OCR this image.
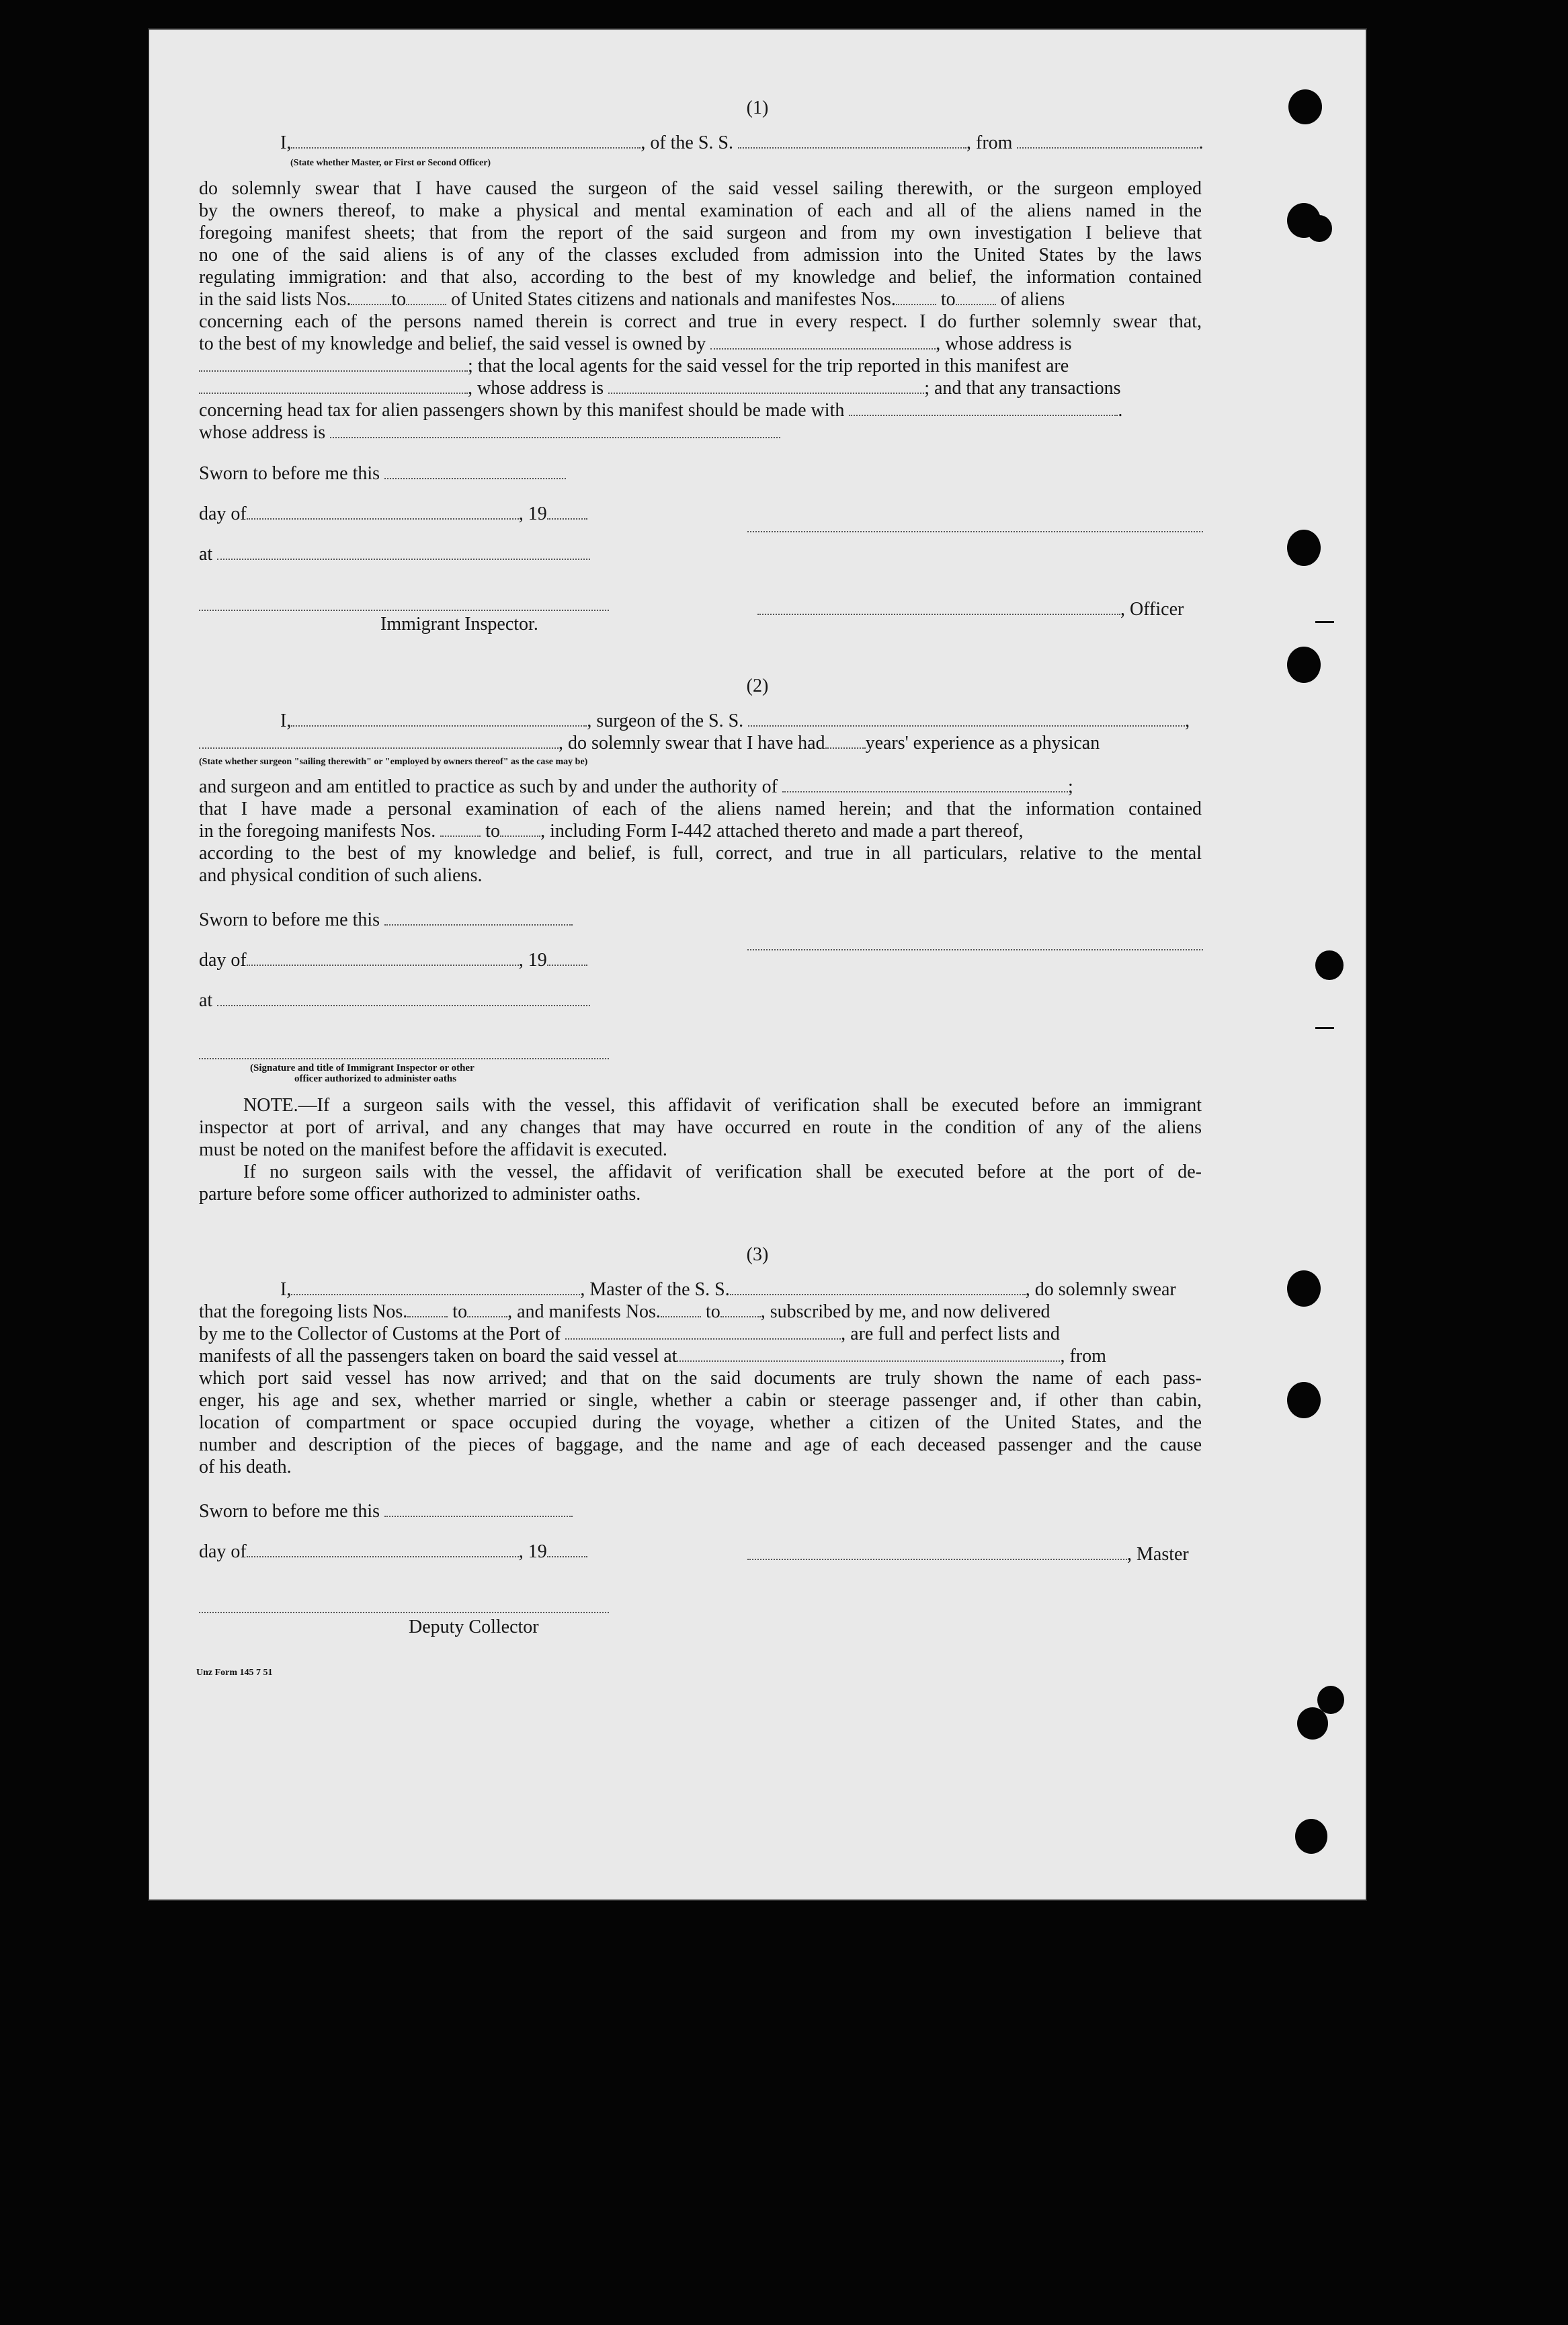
(1)
I,	, of the S. S.	, from	.
(State whether Master, or First or Second Officer)
do solemnly swear that I have caused the surgeon of the said vessel sailing therewith, or the surgeon employed
by the owners thereof, to make a physical and mental examination of each and all of the aliens named in the
foregoing manifest sheets; that from the report of the said surgeon and from my own investigation I believe that
no one of the said aliens is of any of the classes excluded from admission into the United States by the laws
regulating immigration: and that also, according to the best of my knowledge and belief, the information contained
in the said lists Nos. to of United States citizens and nationals and manifestes Nos. to of aliens
concerning each of the persons named therein is correct and true in every respect. I do further solemnly swear that,
to the best of my knowledge and belief, the said vessel is owned by	, whose address is
; that the local agents for the said vessel for the trip reported in this manifest are
, whose address is	; and that any transactions
concerning head tax for alien passengers shown by this manifest should be made with	.
whose address is
Sworn to before me this
day of	, 19
at
, Officer
Immigrant Inspector.
(2)
I,	, surgeon of the S. S.	,
, do solemnly swear that I have had years' experience as a physican
(State whether surgeon "sailing therewith" or "employed by owners thereof" as the case may be)
and surgeon and am entitled to practice as such by and under the authority of	;
that I have made a personal examination of each of the aliens named herein; and that the information contained
in the foregoing manifests Nos.	to , including Form I-442 attached thereto and made a part thereof,
according to the best of my knowledge and belief, is full, correct, and true in all particulars, relative to the mental
and physical condition of such aliens.
Sworn to before me this
day of	, 19
at
(Signature and title of Immigrant Inspector or other
officer authorized to administer oaths
NOTE.—If a surgeon sails with the vessel, this affidavit of verification shall be executed before an immigrant
inspector at port of arrival, and any changes that may have occurred en route in the condition of any of the aliens
must be noted on the manifest before the affidavit is executed.
If no surgeon sails with the vessel, the affidavit of verification shall be executed before at the port of de-
parture before some officer authorized to administer oaths.
(3)
I,	, Master of the S. S.	, do solemnly swear
that the foregoing lists Nos. to , and manifests Nos. to , subscribed by me, and now delivered
by me to the Collector of Customs at the Port of	, are full and perfect lists and
manifests of all the passengers taken on board the said vessel at	, from
which port said vessel has now arrived; and that on the said documents are truly shown the name of each pass-
enger, his age and sex, whether married or single, whether a cabin or steerage passenger and, if other than cabin,
location of compartment or space occupied during the voyage, whether a citizen of the United States, and the
number and description of the pieces of baggage, and the name and age of each deceased passenger and the cause
of his death.
Sworn to before me this
day of	, 19	, Master
Deputy Collector
Unz Form 145 7 51
